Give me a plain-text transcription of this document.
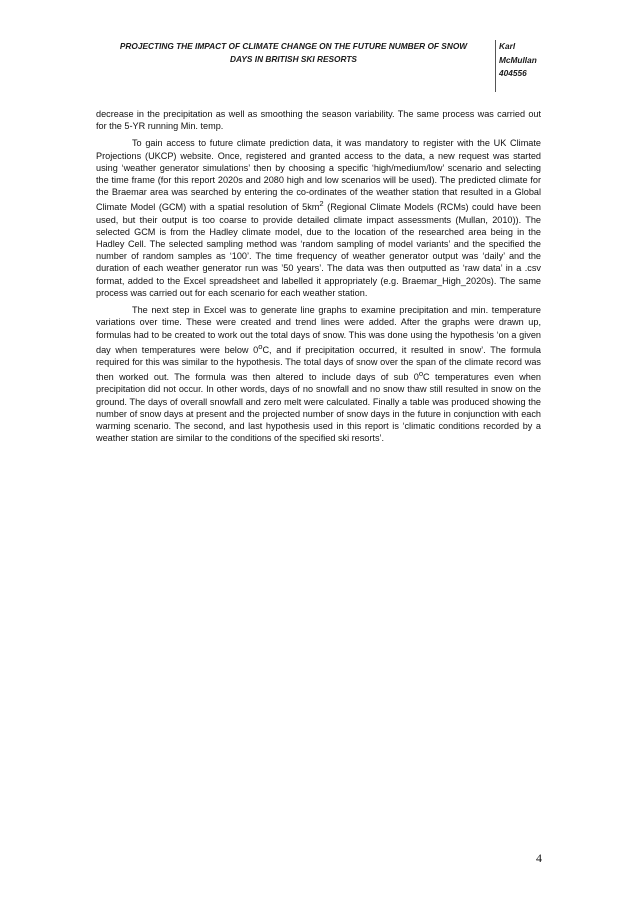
PROJECTING THE IMPACT OF CLIMATE CHANGE ON THE FUTURE NUMBER OF SNOW
DAYS IN BRITISH SKI RESORTS
Karl
McMullan
404556

decrease in the precipitation as well as smoothing the season variability. The same process was carried out for the 5-YR running Min. temp.

To gain access to future climate prediction data, it was mandatory to register with the UK Climate Projections (UKCP) website. Once, registered and granted access to the data, a new request was started using ‘weather generator simulations’ then by choosing a specific ‘high/medium/low’ scenario and selecting the time frame (for this report 2020s and 2080 high and low scenarios will be used). The predicted climate for the Braemar area was searched by entering the co-ordinates of the weather station that resulted in a Global Climate Model (GCM) with a spatial resolution of $5km^2$ (Regional Climate Models (RCMs) could have been used, but their output is too coarse to provide detailed climate impact assessments (Mullan, 2010)). The selected GCM is from the Hadley climate model, due to the location of the researched area being in the Hadley Cell. The selected sampling method was ‘random sampling of model variants’ and the specified the number of random samples as ‘100’. The time frequency of weather generator output was ‘daily’ and the duration of each weather generator run was ’50 years’. The data was then outputted as ‘raw data’ in a .csv format, added to the Excel spreadsheet and labelled it appropriately (e.g. Braemar_High_2020s). The same process was carried out for each scenario for each weather station.

The next step in Excel was to generate line graphs to examine precipitation and min. temperature variations over time. These were created and trend lines were added. After the graphs were drawn up, formulas had to be created to work out the total days of snow. This was done using the hypothesis ‘on a given day when temperatures were below 0$^o$C, and if precipitation occurred, it resulted in snow’. The formula required for this was similar to the hypothesis. The total days of snow over the span of the climate record was then worked out. The formula was then altered to include days of sub 0$^o$C temperatures even when precipitation did not occur. In other words, days of no snowfall and no snow thaw still resulted in snow on the ground. The days of overall snowfall and zero melt were calculated. Finally a table was produced showing the number of snow days at present and the projected number of snow days in the future in conjunction with each warming scenario. The second, and last hypothesis used in this report is ‘climatic conditions recorded by a weather station are similar to the conditions of the specified ski resorts’.

4
